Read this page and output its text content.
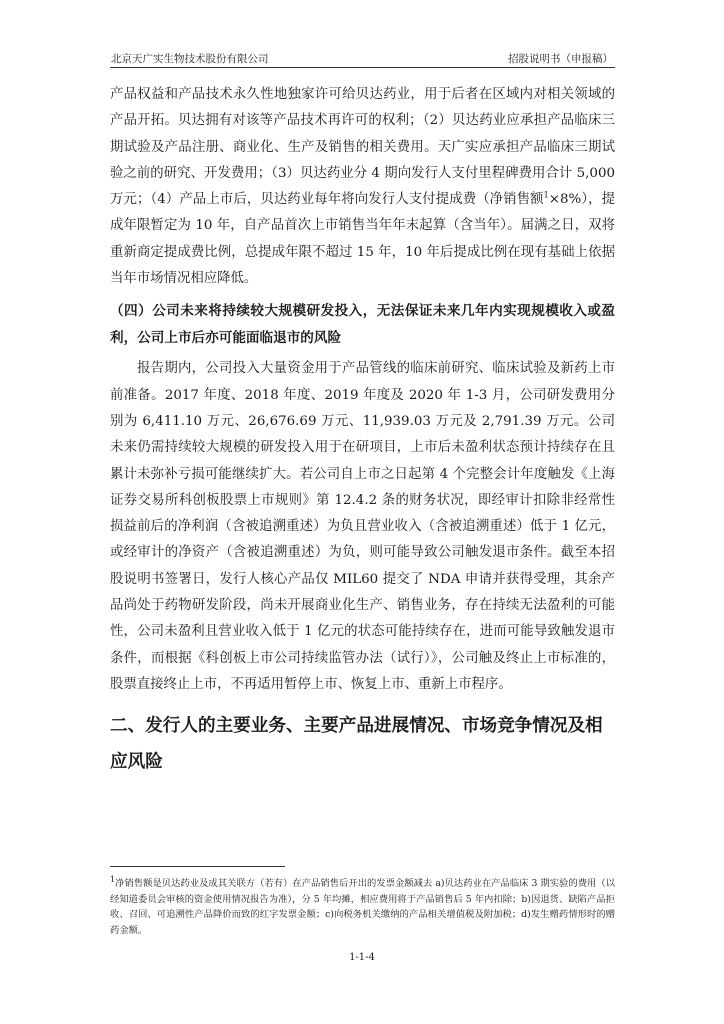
北京天广实生物技术股份有限公司	招股说明书（申报稿）

产品权益和产品技术永久性地独家许可给贝达药业，用于后者在区域内对相关领域的产品开拓。贝达拥有对该等产品技术再许可的权利；（2）贝达药业应承担产品临床三期试验及产品注册、商业化、生产及销售的相关费用。天广实应承担产品临床三期试验之前的研究、开发费用；（3）贝达药业分 4 期向发行人支付里程碑费用合计 5,000 万元；（4）产品上市后，贝达药业每年将向发行人支付提成费（净销售额$^1$×8%），提成年限暂定为 10 年，自产品首次上市销售当年年末起算（含当年）。届满之日，双将重新商定提成费比例，总提成年限不超过 15 年，10 年后提成比例在现有基础上依据当年市场情况相应降低。

（四）公司未来将持续较大规模研发投入，无法保证未来几年内实现规模收入或盈利，公司上市后亦可能面临退市的风险

报告期内，公司投入大量资金用于产品管线的临床前研究、临床试验及新药上市前准备。2017 年度、2018 年度、2019 年度及 2020 年 1-3 月，公司研发费用分别为 6,411.10 万元、26,676.69 万元、11,939.03 万元及 2,791.39 万元。公司未来仍需持续较大规模的研发投入用于在研项目，上市后未盈利状态预计持续存在且累计未弥补亏损可能继续扩大。若公司自上市之日起第 4 个完整会计年度触发《上海证券交易所科创板股票上市规则》第 12.4.2 条的财务状况，即经审计扣除非经常性损益前后的净利润（含被追溯重述）为负且营业收入（含被追溯重述）低于 1 亿元，或经审计的净资产（含被追溯重述）为负，则可能导致公司触发退市条件。截至本招股说明书签署日，发行人核心产品仅 MIL60 提交了 NDA 申请并获得受理，其余产品尚处于药物研发阶段，尚未开展商业化生产、销售业务，存在持续无法盈利的可能性，公司未盈利且营业收入低于 1 亿元的状态可能持续存在，进而可能导致触发退市条件，而根据《科创板上市公司持续监管办法（试行）》，公司触及终止上市标准的，股票直接终止上市，不再适用暂停上市、恢复上市、重新上市程序。

二、发行人的主要业务、主要产品进展情况、市场竞争情况及相应风险

$^1$净销售额是贝达药业及成其关联方（若有）在产品销售后开出的发票金额减去 a)贝达药业在产品临床 3 期实验的费用（以经知道委员会审核的资金使用情况报告为准），分 5 年均摊，相应费用将于产品销售后 5 年内扣除；b)因退货、缺陷产品拒收、召回、可追溯性产品降价而致的红字发票金额；c)向税务机关缴纳的产品相关增值税及附加税；d)发生赠药情形时的赠药金额。
1-1-4
